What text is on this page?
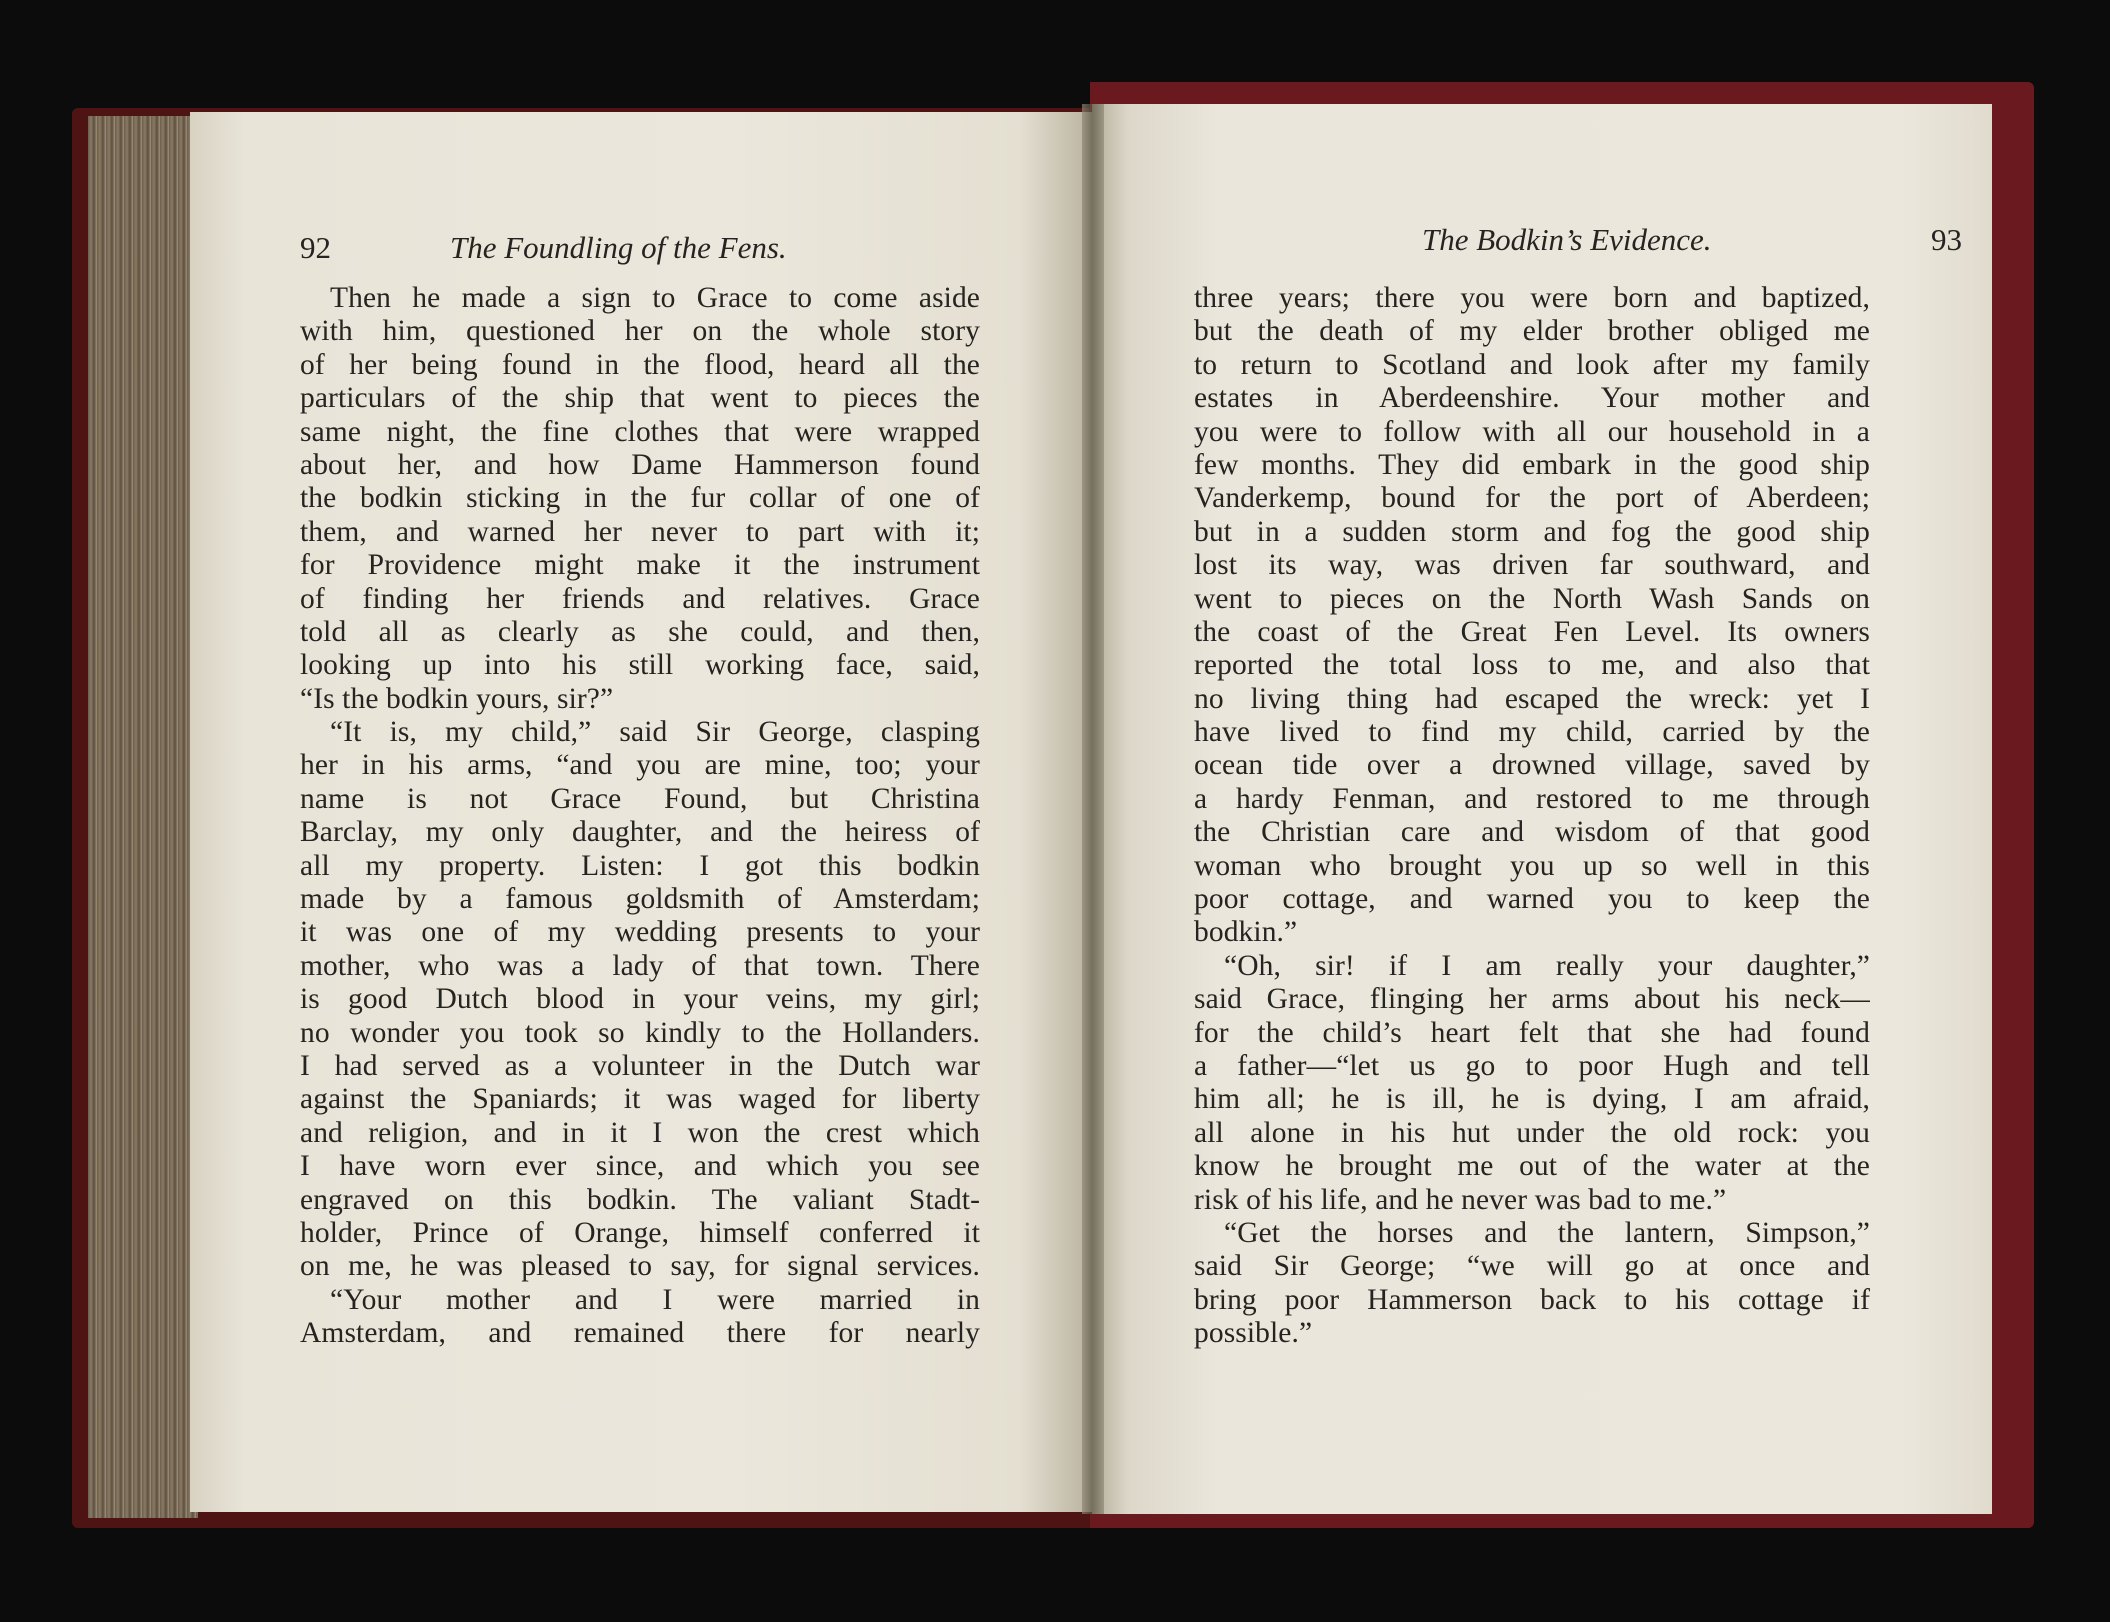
92	The Foundling of the Fens.
Then he made a sign to Grace to come aside
with him, questioned her on the whole story
of her being found in the flood, heard all the
particulars of the ship that went to pieces the
same night, the fine clothes that were wrapped
about her, and how Dame Hammerson found
the bodkin sticking in the fur collar of one of
them, and warned her never to part with it;
for Providence might make it the instrument
of finding her friends and relatives. Grace
told all as clearly as she could, and then,
looking up into his still working face, said,
“Is the bodkin yours, sir?”
“It is, my child,” said Sir George, clasping
her in his arms, “and you are mine, too; your
name is not Grace Found, but Christina
Barclay, my only daughter, and the heiress of
all my property. Listen: I got this bodkin
made by a famous goldsmith of Amsterdam;
it was one of my wedding presents to your
mother, who was a lady of that town. There
is good Dutch blood in your veins, my girl;
no wonder you took so kindly to the Hollanders.
I had served as a volunteer in the Dutch war
against the Spaniards; it was waged for liberty
and religion, and in it I won the crest which
I have worn ever since, and which you see
engraved on this bodkin. The valiant Stadt-
holder, Prince of Orange, himself conferred it
on me, he was pleased to say, for signal services.
“Your mother and I were married in
Amsterdam, and remained there for nearly
The Bodkin’s Evidence.	93
three years; there you were born and baptized,
but the death of my elder brother obliged me
to return to Scotland and look after my family
estates in Aberdeenshire. Your mother and
you were to follow with all our household in a
few months. They did embark in the good ship
Vanderkemp, bound for the port of Aberdeen;
but in a sudden storm and fog the good ship
lost its way, was driven far southward, and
went to pieces on the North Wash Sands on
the coast of the Great Fen Level. Its owners
reported the total loss to me, and also that
no living thing had escaped the wreck: yet I
have lived to find my child, carried by the
ocean tide over a drowned village, saved by
a hardy Fenman, and restored to me through
the Christian care and wisdom of that good
woman who brought you up so well in this
poor cottage, and warned you to keep the
bodkin.”
“Oh, sir! if I am really your daughter,”
said Grace, flinging her arms about his neck—
for the child’s heart felt that she had found
a father—“let us go to poor Hugh and tell
him all; he is ill, he is dying, I am afraid,
all alone in his hut under the old rock: you
know he brought me out of the water at the
risk of his life, and he never was bad to me.”
“Get the horses and the lantern, Simpson,”
said Sir George; “we will go at once and
bring poor Hammerson back to his cottage if
possible.”
